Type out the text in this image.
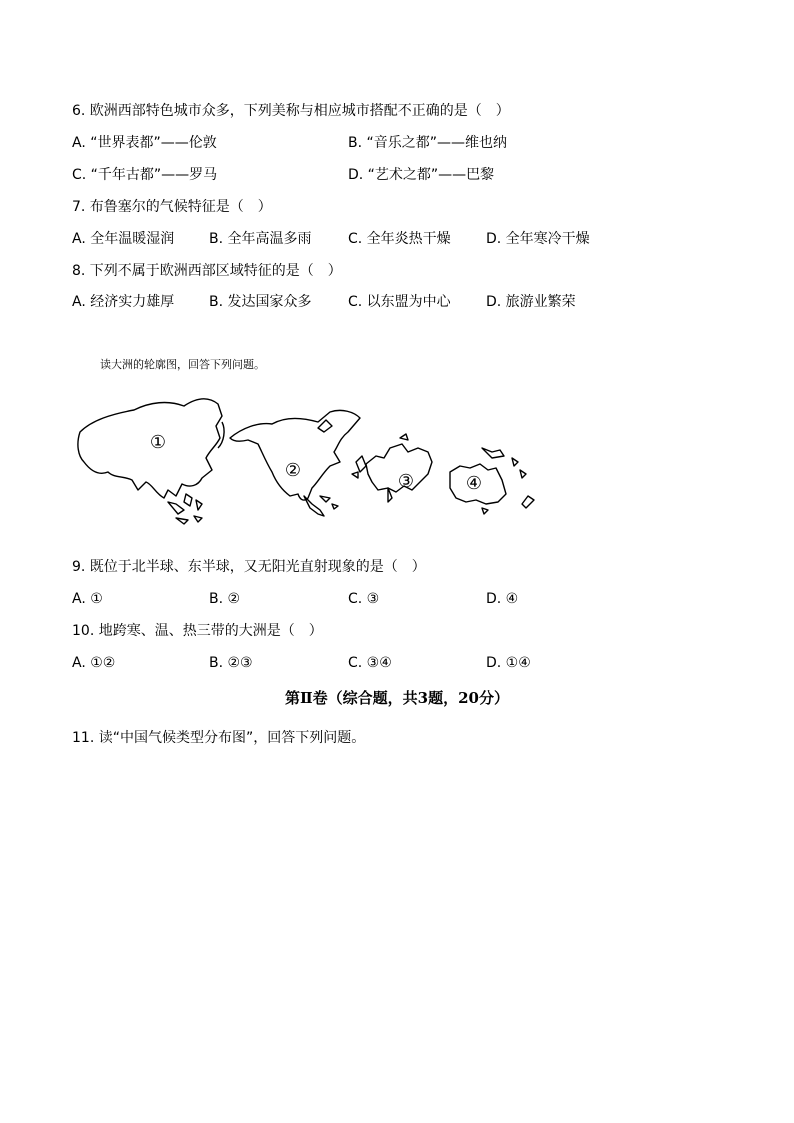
6. 欧洲西部特色城市众多，下列美称与相应城市搭配不正确的是（　）
A. “世界表都”——伦敦	B. “音乐之都”——维也纳
C. “千年古都”——罗马	D. “艺术之都”——巴黎
7. 布鲁塞尔的气候特征是（　）
A. 全年温暖湿润 B. 全年高温多雨	C. 全年炎热干燥	D. 全年寒冷干燥
8. 下列不属于欧洲西部区域特征的是（　）
A. 经济实力雄厚 B. 发达国家众多	C. 以东盟为中心	D. 旅游业繁荣
读大洲的轮廓图，回答下列问题。
①
②
③	④
9. 既位于北半球、东半球，又无阳光直射现象的是（　）
A. ①	B. ②	C. ③	D. ④
10. 地跨寒、温、热三带的大洲是（　）
A. ①②	B. ②③	C. ③④	D. ①④
第Ⅱ卷（综合题，共3题，20分）
11. 读“中国气候类型分布图”，回答下列问题。
